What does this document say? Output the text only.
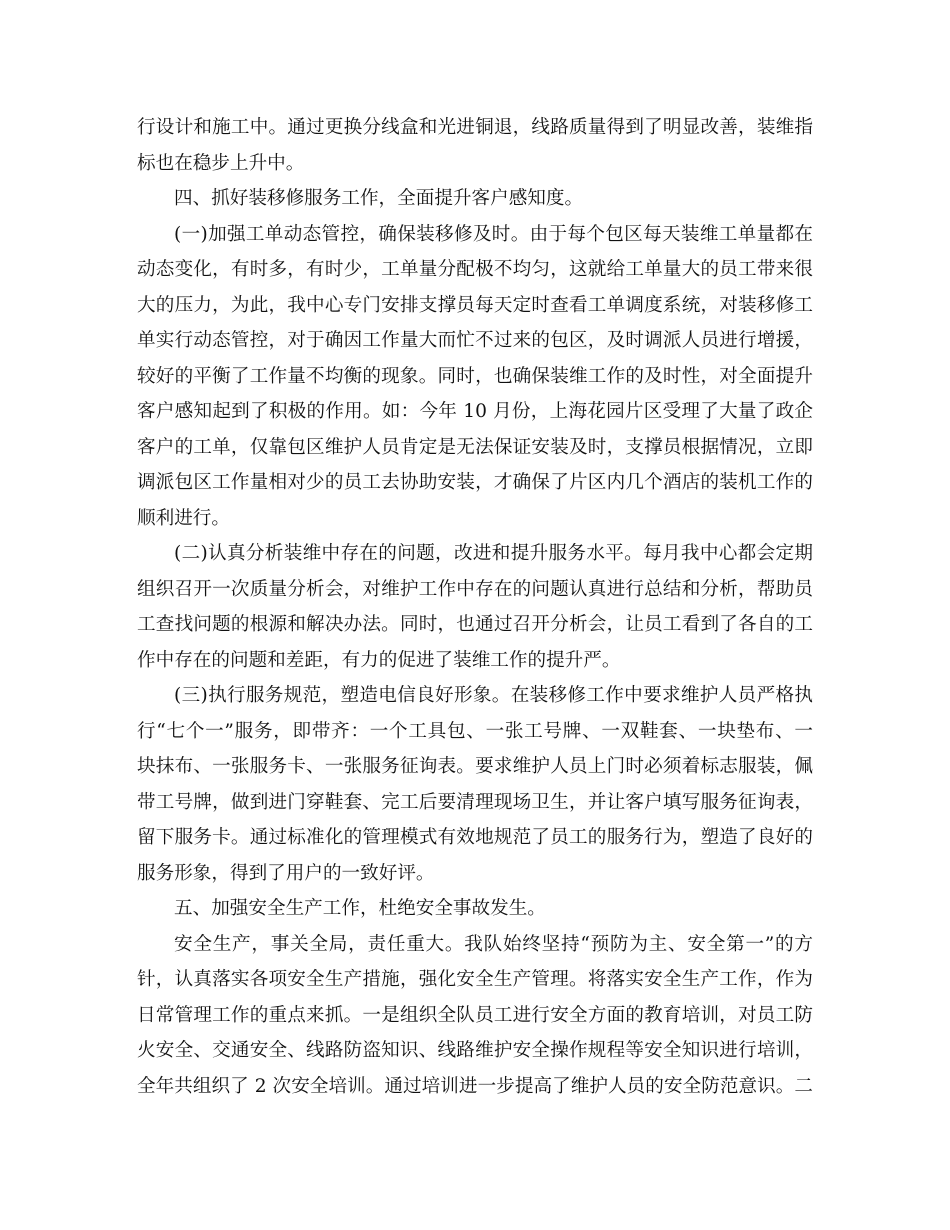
行设计和施工中。通过更换分线盒和光进铜退，线路质量得到了明显改善，装维指
标也在稳步上升中。
四、抓好装移修服务工作，全面提升客户感知度。
(一)加强工单动态管控，确保装移修及时。由于每个包区每天装维工单量都在
动态变化，有时多，有时少，工单量分配极不均匀，这就给工单量大的员工带来很
大的压力，为此，我中心专门安排支撑员每天定时查看工单调度系统，对装移修工
单实行动态管控，对于确因工作量大而忙不过来的包区，及时调派人员进行增援，
较好的平衡了工作量不均衡的现象。同时，也确保装维工作的及时性，对全面提升
客户感知起到了积极的作用。如：今年 10 月份，上海花园片区受理了大量了政企
客户的工单，仅靠包区维护人员肯定是无法保证安装及时，支撑员根据情况，立即
调派包区工作量相对少的员工去协助安装，才确保了片区内几个酒店的装机工作的
顺利进行。
(二)认真分析装维中存在的问题，改进和提升服务水平。每月我中心都会定期
组织召开一次质量分析会，对维护工作中存在的问题认真进行总结和分析，帮助员
工查找问题的根源和解决办法。同时，也通过召开分析会，让员工看到了各自的工
作中存在的问题和差距，有力的促进了装维工作的提升严。
(三)执行服务规范，塑造电信良好形象。在装移修工作中要求维护人员严格执
行“七个一”服务，即带齐：一个工具包、一张工号牌、一双鞋套、一块垫布、一
块抹布、一张服务卡、一张服务征询表。要求维护人员上门时必须着标志服装，佩
带工号牌，做到进门穿鞋套、完工后要清理现场卫生，并让客户填写服务征询表，
留下服务卡。通过标准化的管理模式有效地规范了员工的服务行为，塑造了良好的
服务形象，得到了用户的一致好评。
五、加强安全生产工作，杜绝安全事故发生。
安全生产，事关全局，责任重大。我队始终坚持“预防为主、安全第一”的方
针，认真落实各项安全生产措施，强化安全生产管理。将落实安全生产工作，作为
日常管理工作的重点来抓。一是组织全队员工进行安全方面的教育培训，对员工防
火安全、交通安全、线路防盗知识、线路维护安全操作规程等安全知识进行培训，
全年共组织了 2 次安全培训。通过培训进一步提高了维护人员的安全防范意识。二
